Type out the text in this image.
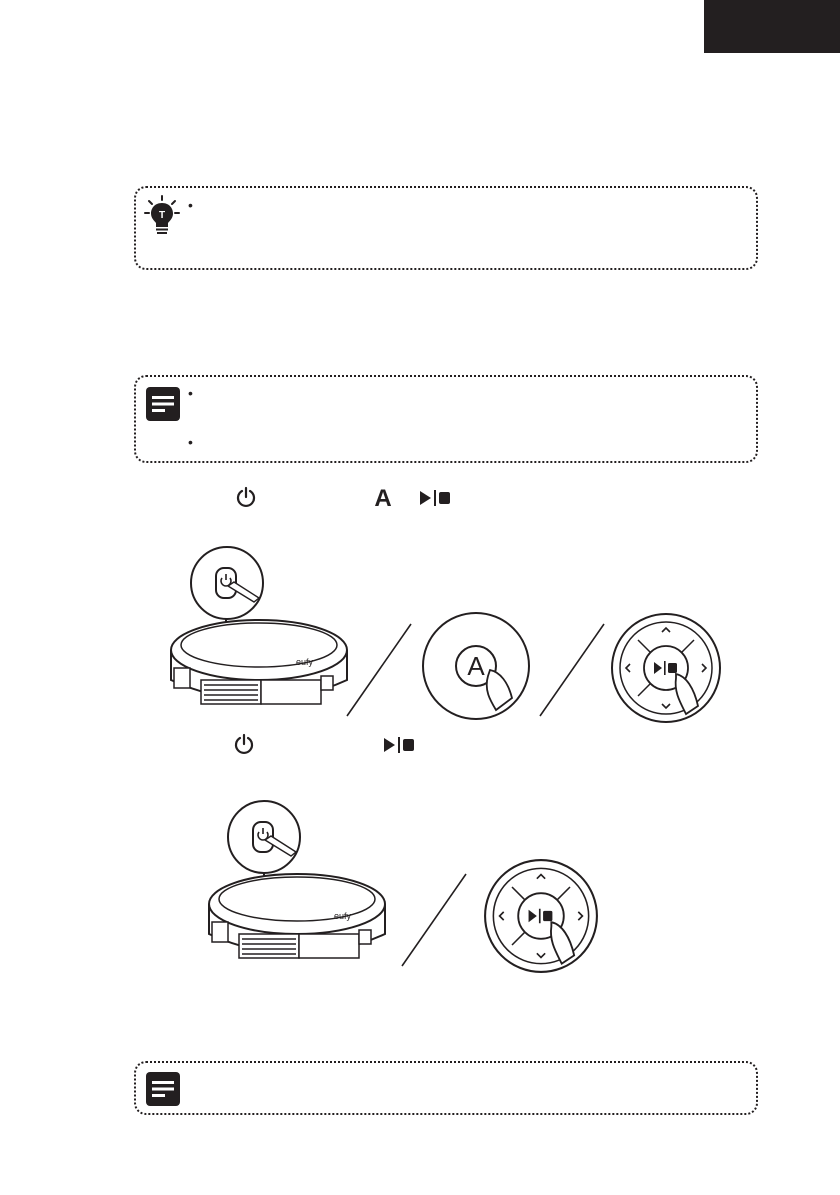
T
•
•
•
A
eufy	A
eufy
